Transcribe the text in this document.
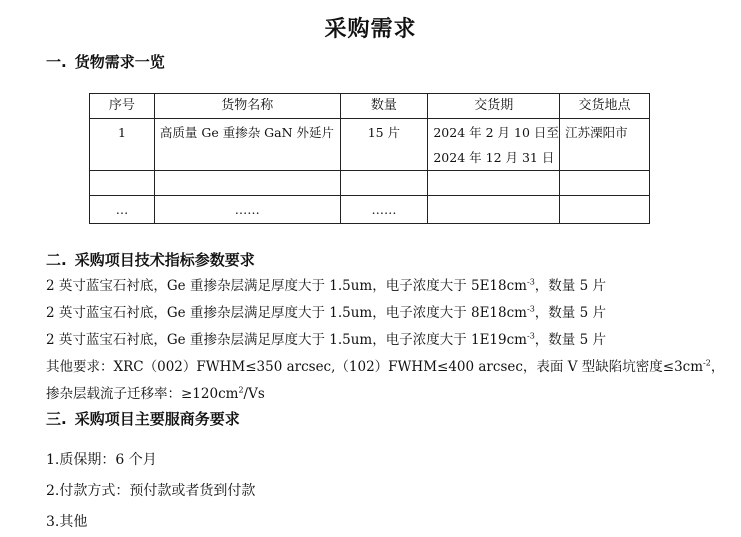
采购需求
一. 货物需求一览
序号	货物名称	数量	交货期	交货地点
1	高质量 Ge 重掺杂 GaN 外延片	15 片	2024 年 2 月 10 日至 2024 年 12 月 31 日	江苏溧阳市

…	……	……		
二. 采购项目技术指标参数要求
2 英寸蓝宝石衬底，Ge 重掺杂层满足厚度大于 1.5um，电子浓度大于 $5E18cm^{-3}$，数量 5 片
2 英寸蓝宝石衬底，Ge 重掺杂层满足厚度大于 1.5um，电子浓度大于 $8E18cm^{-3}$，数量 5 片
2 英寸蓝宝石衬底，Ge 重掺杂层满足厚度大于 1.5um，电子浓度大于 $1E19cm^{-3}$，数量 5 片
其他要求：XRC（002）FWHM≤350 arcsec,（102）FWHM≤400 arcsec，表面 V 型缺陷坑密度$\le 3cm^{-2}$，
掺杂层载流子迁移率：$\ge 120cm^2/Vs$
三. 采购项目主要服商务要求
1.质保期：6 个月
2.付款方式：预付款或者货到付款
3.其他
